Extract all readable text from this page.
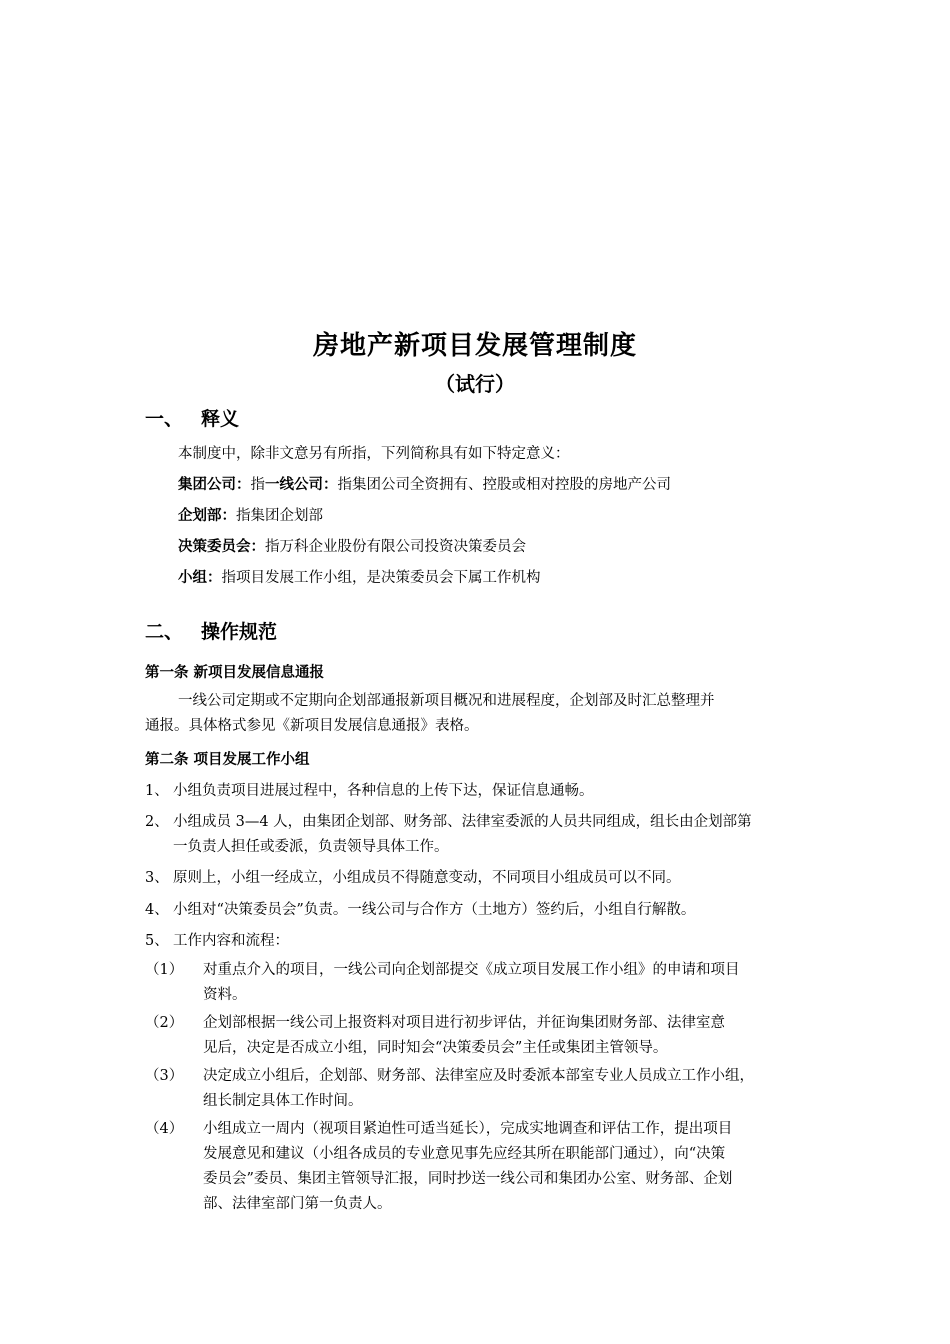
房地产新项目发展管理制度
（试行）
一、 释义
本制度中，除非文意另有所指，下列简称具有如下特定意义：
集团公司：指一线公司：指集团公司全资拥有、控股或相对控股的房地产公司
企划部：指集团企划部
决策委员会：指万科企业股份有限公司投资决策委员会
小组：指项目发展工作小组，是决策委员会下属工作机构
二、 操作规范
第一条 新项目发展信息通报
一线公司定期或不定期向企划部通报新项目概况和进展程度，企划部及时汇总整理并
通报。具体格式参见《新项目发展信息通报》表格。
第二条 项目发展工作小组
1、 小组负责项目进展过程中，各种信息的上传下达，保证信息通畅。
2、 小组成员 3—4 人，由集团企划部、财务部、法律室委派的人员共同组成，组长由企划部第
一负责人担任或委派，负责领导具体工作。
3、 原则上，小组一经成立，小组成员不得随意变动，不同项目小组成员可以不同。
4、 小组对“决策委员会”负责。一线公司与合作方（土地方）签约后，小组自行解散。
5、 工作内容和流程：
（1） 对重点介入的项目，一线公司向企划部提交《成立项目发展工作小组》的申请和项目
资料。
（2） 企划部根据一线公司上报资料对项目进行初步评估，并征询集团财务部、法律室意
见后，决定是否成立小组，同时知会“决策委员会”主任或集团主管领导。
（3） 决定成立小组后，企划部、财务部、法律室应及时委派本部室专业人员成立工作小组，
组长制定具体工作时间。
（4） 小组成立一周内（视项目紧迫性可适当延长），完成实地调查和评估工作，提出项目
发展意见和建议（小组各成员的专业意见事先应经其所在职能部门通过），向“决策
委员会”委员、集团主管领导汇报，同时抄送一线公司和集团办公室、财务部、企划
部、法律室部门第一负责人。
